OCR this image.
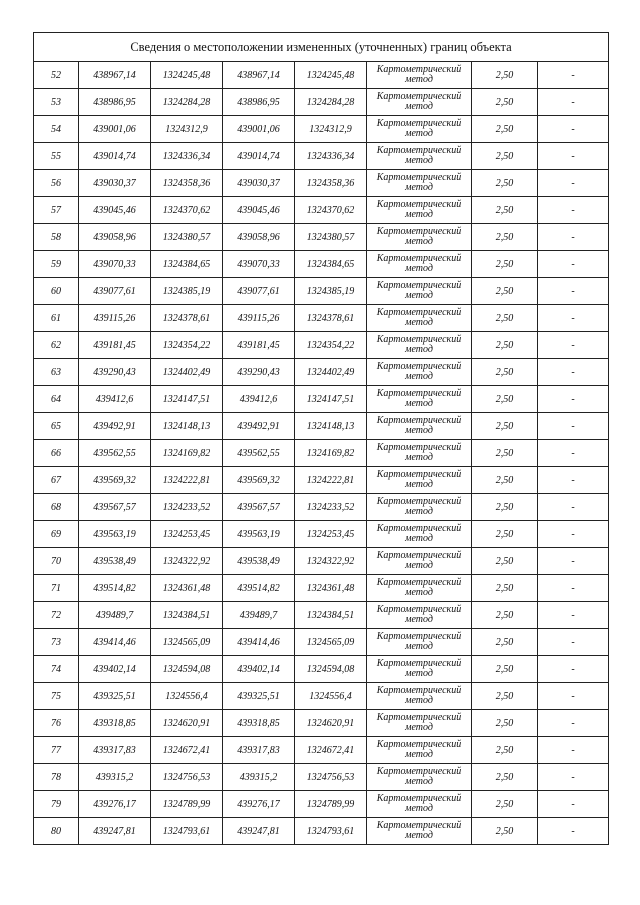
Сведения о местоположении измененных (уточненных) границ объекта							
52	438967,14	1324245,48	438967,14	1324245,48	Картометрический метод	2,50	-
53	438986,95	1324284,28	438986,95	1324284,28	Картометрический метод	2,50	-
54	439001,06	1324312,9	439001,06	1324312,9	Картометрический метод	2,50	-
55	439014,74	1324336,34	439014,74	1324336,34	Картометрический метод	2,50	-
56	439030,37	1324358,36	439030,37	1324358,36	Картометрический метод	2,50	-
57	439045,46	1324370,62	439045,46	1324370,62	Картометрический метод	2,50	-
58	439058,96	1324380,57	439058,96	1324380,57	Картометрический метод	2,50	-
59	439070,33	1324384,65	439070,33	1324384,65	Картометрический метод	2,50	-
60	439077,61	1324385,19	439077,61	1324385,19	Картометрический метод	2,50	-
61	439115,26	1324378,61	439115,26	1324378,61	Картометрический метод	2,50	-
62	439181,45	1324354,22	439181,45	1324354,22	Картометрический метод	2,50	-
63	439290,43	1324402,49	439290,43	1324402,49	Картометрический метод	2,50	-
64	439412,6	1324147,51	439412,6	1324147,51	Картометрический метод	2,50	-
65	439492,91	1324148,13	439492,91	1324148,13	Картометрический метод	2,50	-
66	439562,55	1324169,82	439562,55	1324169,82	Картометрический метод	2,50	-
67	439569,32	1324222,81	439569,32	1324222,81	Картометрический метод	2,50	-
68	439567,57	1324233,52	439567,57	1324233,52	Картометрический метод	2,50	-
69	439563,19	1324253,45	439563,19	1324253,45	Картометрический метод	2,50	-
70	439538,49	1324322,92	439538,49	1324322,92	Картометрический метод	2,50	-
71	439514,82	1324361,48	439514,82	1324361,48	Картометрический метод	2,50	-
72	439489,7	1324384,51	439489,7	1324384,51	Картометрический метод	2,50	-
73	439414,46	1324565,09	439414,46	1324565,09	Картометрический метод	2,50	-
74	439402,14	1324594,08	439402,14	1324594,08	Картометрический метод	2,50	-
75	439325,51	1324556,4	439325,51	1324556,4	Картометрический метод	2,50	-
76	439318,85	1324620,91	439318,85	1324620,91	Картометрический метод	2,50	-
77	439317,83	1324672,41	439317,83	1324672,41	Картометрический метод	2,50	-
78	439315,2	1324756,53	439315,2	1324756,53	Картометрический метод	2,50	-
79	439276,17	1324789,99	439276,17	1324789,99	Картометрический метод	2,50	-
80	439247,81	1324793,61	439247,81	1324793,61	Картометрический метод	2,50	-
